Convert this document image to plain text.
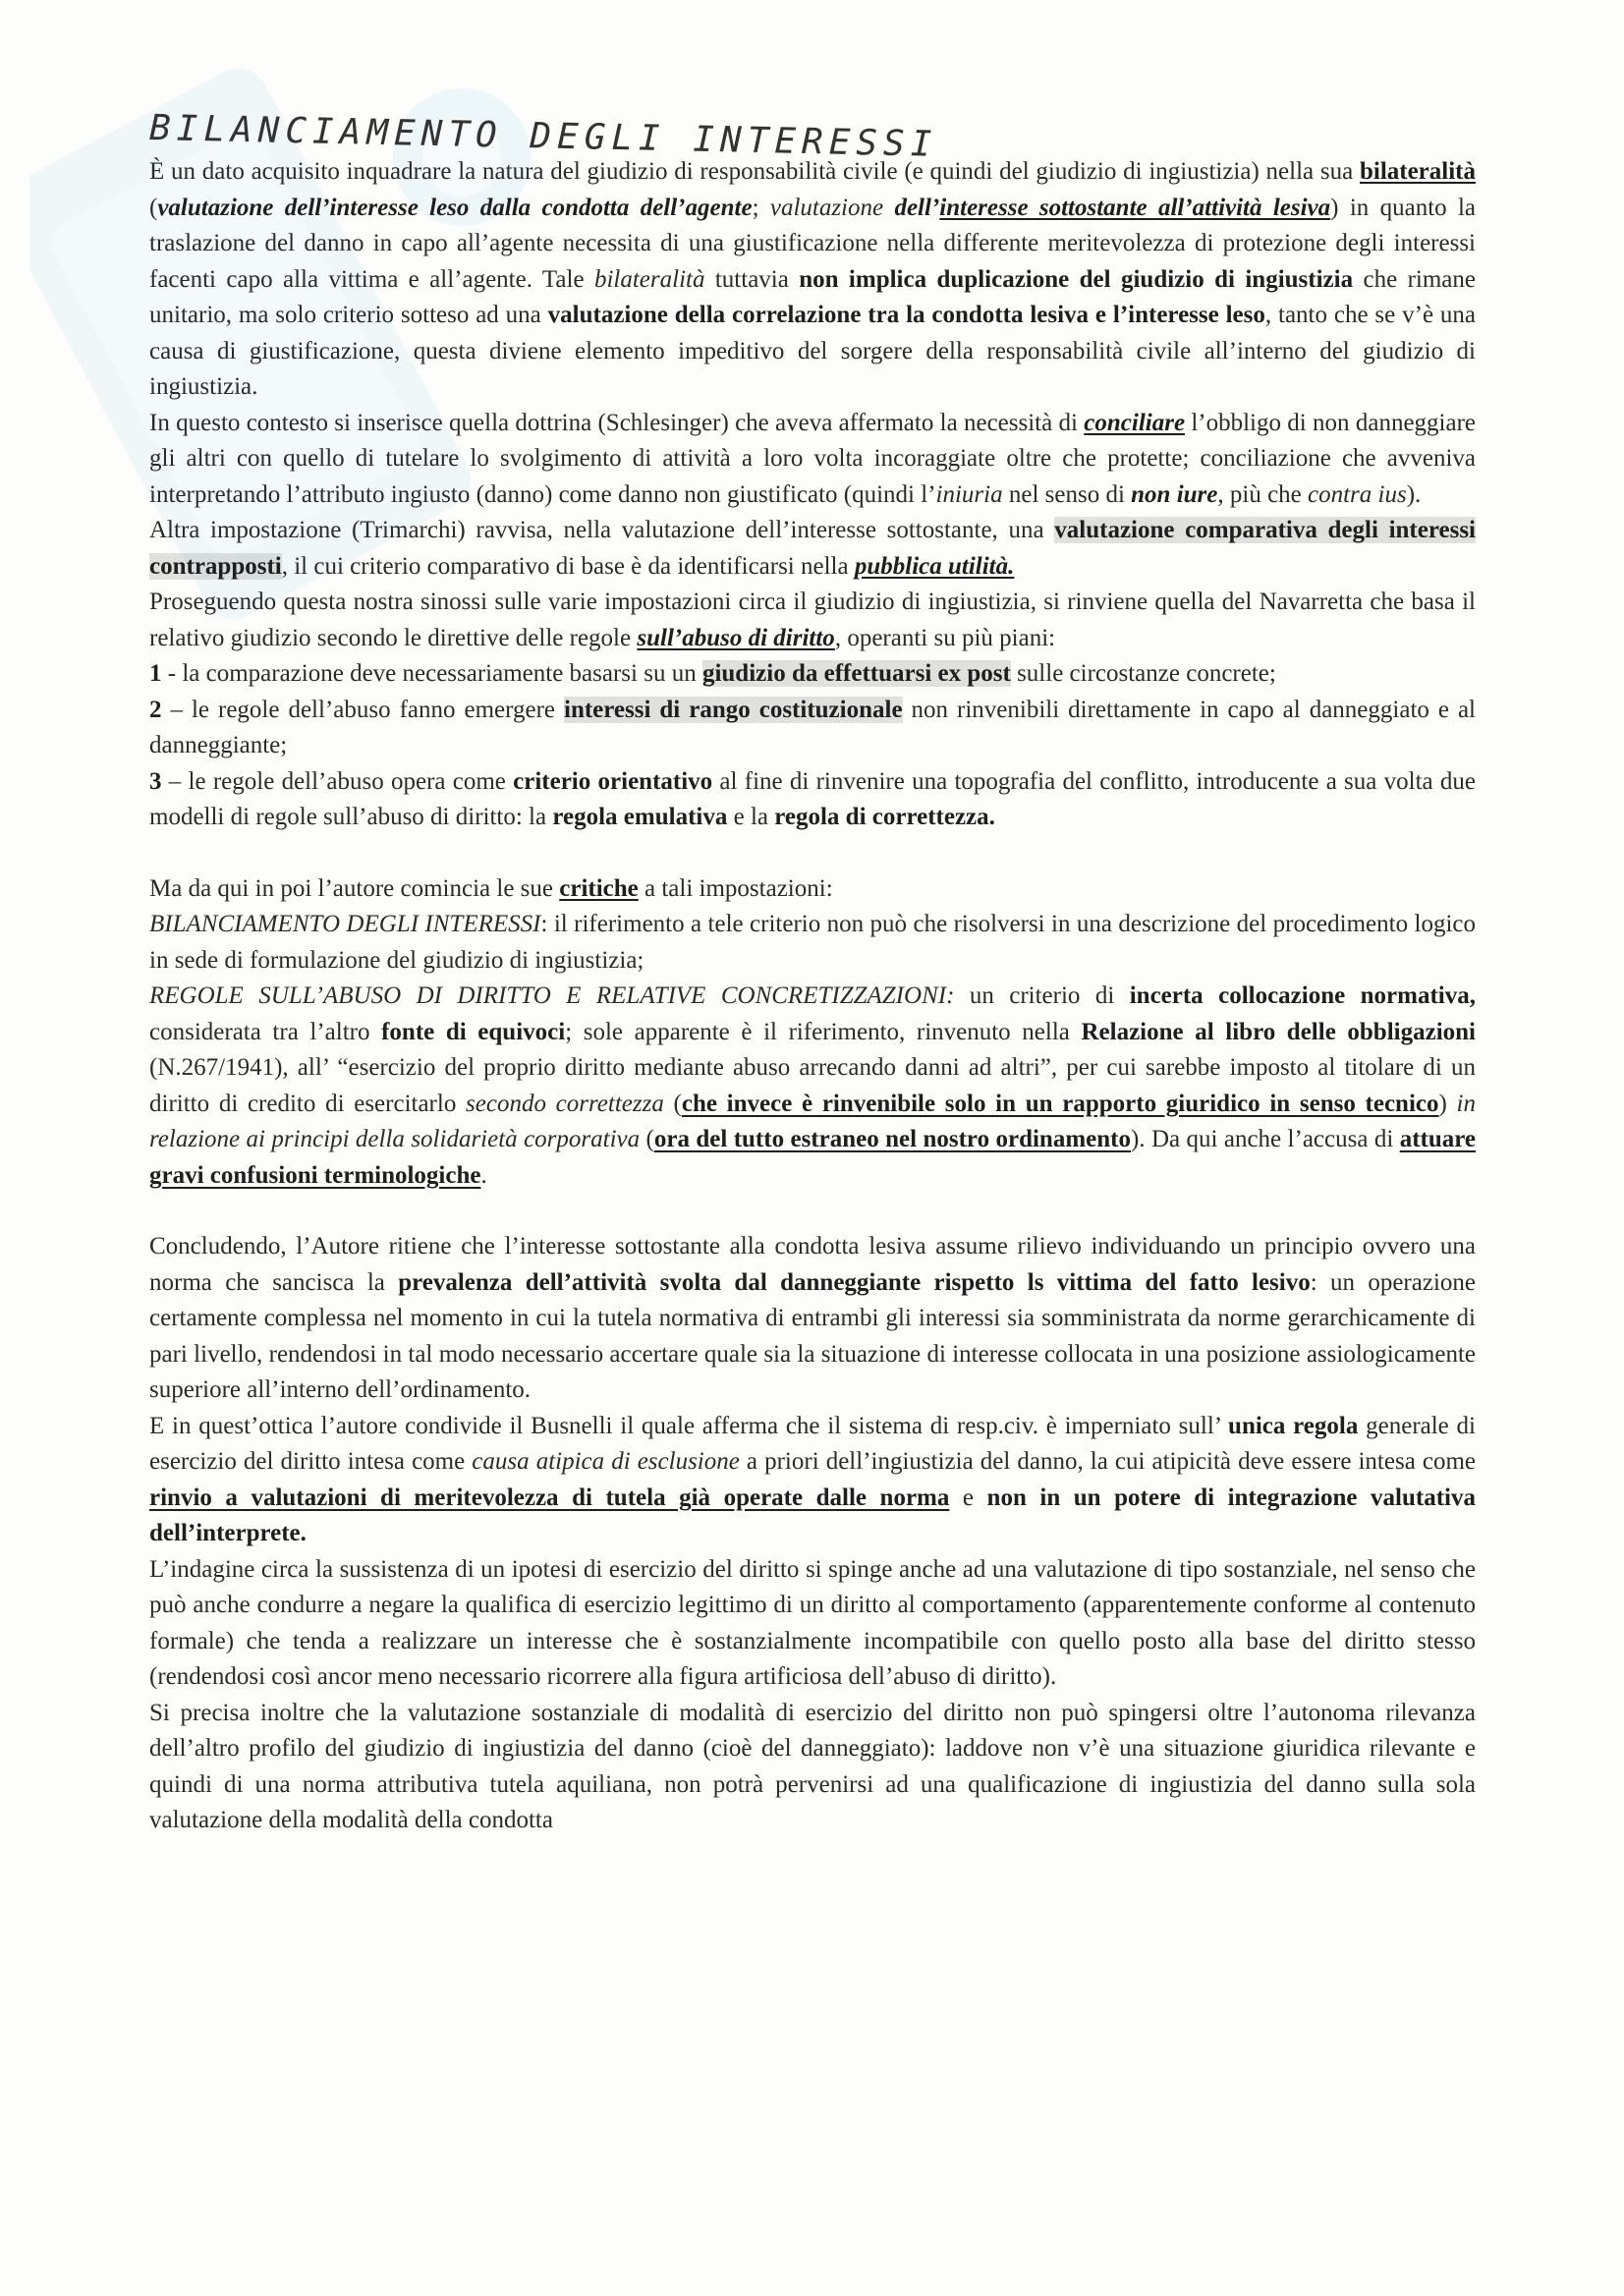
BILANCIAMENTO DEGLI INTERESSI

È un dato acquisito inquadrare la natura del giudizio di responsabilità civile (e quindi del giudizio di ingiustizia) nella sua bilateralità (valutazione dell’interesse leso dalla condotta dell’agente; valutazione dell’interesse sottostante all’attività lesiva) in quanto la traslazione del danno in capo all’agente necessita di una giustificazione nella differente meritevolezza di protezione degli interessi facenti capo alla vittima e all’agente. Tale bilateralità tuttavia non implica duplicazione del giudizio di ingiustizia che rimane unitario, ma solo criterio sotteso ad una valutazione della correlazione tra la condotta lesiva e l’interesse leso, tanto che se v’è una causa di giustificazione, questa diviene elemento impeditivo del sorgere della responsabilità civile all’interno del giudizio di ingiustizia.

In questo contesto si inserisce quella dottrina (Schlesinger) che aveva affermato la necessità di conciliare l’obbligo di non danneggiare gli altri con quello di tutelare lo svolgimento di attività a loro volta incoraggiate oltre che protette; conciliazione che avveniva interpretando l’attributo ingiusto (danno) come danno non giustificato (quindi l’iniuria nel senso di non iure, più che contra ius).

Altra impostazione (Trimarchi) ravvisa, nella valutazione dell’interesse sottostante, una valutazione comparativa degli interessi contrapposti, il cui criterio comparativo di base è da identificarsi nella pubblica utilità.

Proseguendo questa nostra sinossi sulle varie impostazioni circa il giudizio di ingiustizia, si rinviene quella del Navarretta che basa il relativo giudizio secondo le direttive delle regole sull’abuso di diritto, operanti su più piani:

1 - la comparazione deve necessariamente basarsi su un giudizio da effettuarsi ex post sulle circostanze concrete;

2 – le regole dell’abuso fanno emergere interessi di rango costituzionale non rinvenibili direttamente in capo al danneggiato e al danneggiante;

3 – le regole dell’abuso opera come criterio orientativo al fine di rinvenire una topografia del conflitto, introducente a sua volta due modelli di regole sull’abuso di diritto: la regola emulativa e la regola di correttezza.

Ma da qui in poi l’autore comincia le sue critiche a tali impostazioni:

BILANCIAMENTO DEGLI INTERESSI: il riferimento a tele criterio non può che risolversi in una descrizione del procedimento logico in sede di formulazione del giudizio di ingiustizia;

REGOLE SULL’ABUSO DI DIRITTO E RELATIVE CONCRETIZZAZIONI: un criterio di incerta collocazione normativa, considerata tra l’altro fonte di equivoci; sole apparente è il riferimento, rinvenuto nella Relazione al libro delle obbligazioni (N.267/1941), all’ “esercizio del proprio diritto mediante abuso arrecando danni ad altri”, per cui sarebbe imposto al titolare di un diritto di credito di esercitarlo secondo correttezza (che invece è rinvenibile solo in un rapporto giuridico in senso tecnico) in relazione ai principi della solidarietà corporativa (ora del tutto estraneo nel nostro ordinamento). Da qui anche l’accusa di attuare gravi confusioni terminologiche.

Concludendo, l’Autore ritiene che l’interesse sottostante alla condotta lesiva assume rilievo individuando un principio ovvero una norma che sancisca la prevalenza dell’attività svolta dal danneggiante rispetto ls vittima del fatto lesivo: un operazione certamente complessa nel momento in cui la tutela normativa di entrambi gli interessi sia somministrata da norme gerarchicamente di pari livello, rendendosi in tal modo necessario accertare quale sia la situazione di interesse collocata in una posizione assiologicamente superiore all’interno dell’ordinamento.

E in quest’ottica l’autore condivide il Busnelli il quale afferma che il sistema di resp.civ. è imperniato sull’ unica regola generale di esercizio del diritto intesa come causa atipica di esclusione a priori dell’ingiustizia del danno, la cui atipicità deve essere intesa come rinvio a valutazioni di meritevolezza di tutela già operate dalle norma e non in un potere di integrazione valutativa dell’interprete.

L’indagine circa la sussistenza di un ipotesi di esercizio del diritto si spinge anche ad una valutazione di tipo sostanziale, nel senso che può anche condurre a negare la qualifica di esercizio legittimo di un diritto al comportamento (apparentemente conforme al contenuto formale) che tenda a realizzare un interesse che è sostanzialmente incompatibile con quello posto alla base del diritto stesso (rendendosi così ancor meno necessario ricorrere alla figura artificiosa dell’abuso di diritto).

Si precisa inoltre che la valutazione sostanziale di modalità di esercizio del diritto non può spingersi oltre l’autonoma rilevanza dell’altro profilo del giudizio di ingiustizia del danno (cioè del danneggiato): laddove non v’è una situazione giuridica rilevante e quindi di una norma attributiva tutela aquiliana, non potrà pervenirsi ad una qualificazione di ingiustizia del danno sulla sola valutazione della modalità della condotta
